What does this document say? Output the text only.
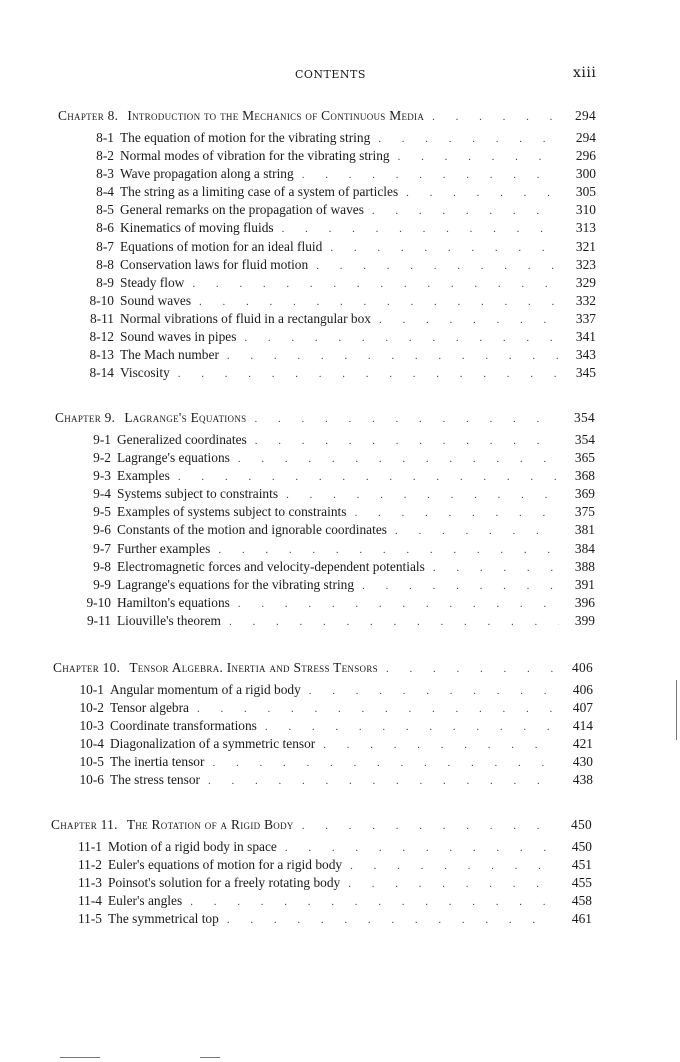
CONTENTS	xiii
Chapter 8. Introduction to the Mechanics of Continuous Media . . .	294
8-1 The equation of motion for the vibrating string . . .	294
8-2 Normal modes of vibration for the vibrating string . . .	296
8-3 Wave propagation along a string . . .	300
8-4 The string as a limiting case of a system of particles . . .	305
8-5 General remarks on the propagation of waves . . .	310
8-6 Kinematics of moving fluids . . .	313
8-7 Equations of motion for an ideal fluid . . .	321
8-8 Conservation laws for fluid motion . . .	323
8-9 Steady flow . . .	329
8-10 Sound waves . . .	332
8-11 Normal vibrations of fluid in a rectangular box . . .	337
8-12 Sound waves in pipes . . .	341
8-13 The Mach number . . .	343
8-14 Viscosity . . .	345
Chapter 9. Lagrange's Equations . . .	354
9-1 Generalized coordinates . . .	354
9-2 Lagrange's equations . . .	365
9-3 Examples . . .	368
9-4 Systems subject to constraints . . .	369
9-5 Examples of systems subject to constraints . . .	375
9-6 Constants of the motion and ignorable coordinates . . .	381
9-7 Further examples . . .	384
9-8 Electromagnetic forces and velocity-dependent potentials . . .	388
9-9 Lagrange's equations for the vibrating string . . .	391
9-10 Hamilton's equations . . .	396
9-11 Liouville's theorem . . .	399
Chapter 10. Tensor Algebra. Inertia and Stress Tensors . . .	406
10-1 Angular momentum of a rigid body . . .	406
10-2 Tensor algebra . . .	407
10-3 Coordinate transformations . . .	414
10-4 Diagonalization of a symmetric tensor . . .	421
10-5 The inertia tensor . . .	430
10-6 The stress tensor . . .	438
Chapter 11. The Rotation of a Rigid Body . . .	450
11-1 Motion of a rigid body in space . . .	450
11-2 Euler's equations of motion for a rigid body . . .	451
11-3 Poinsot's solution for a freely rotating body . . .	455
11-4 Euler's angles . . .	458
11-5 The symmetrical top . . .	461
